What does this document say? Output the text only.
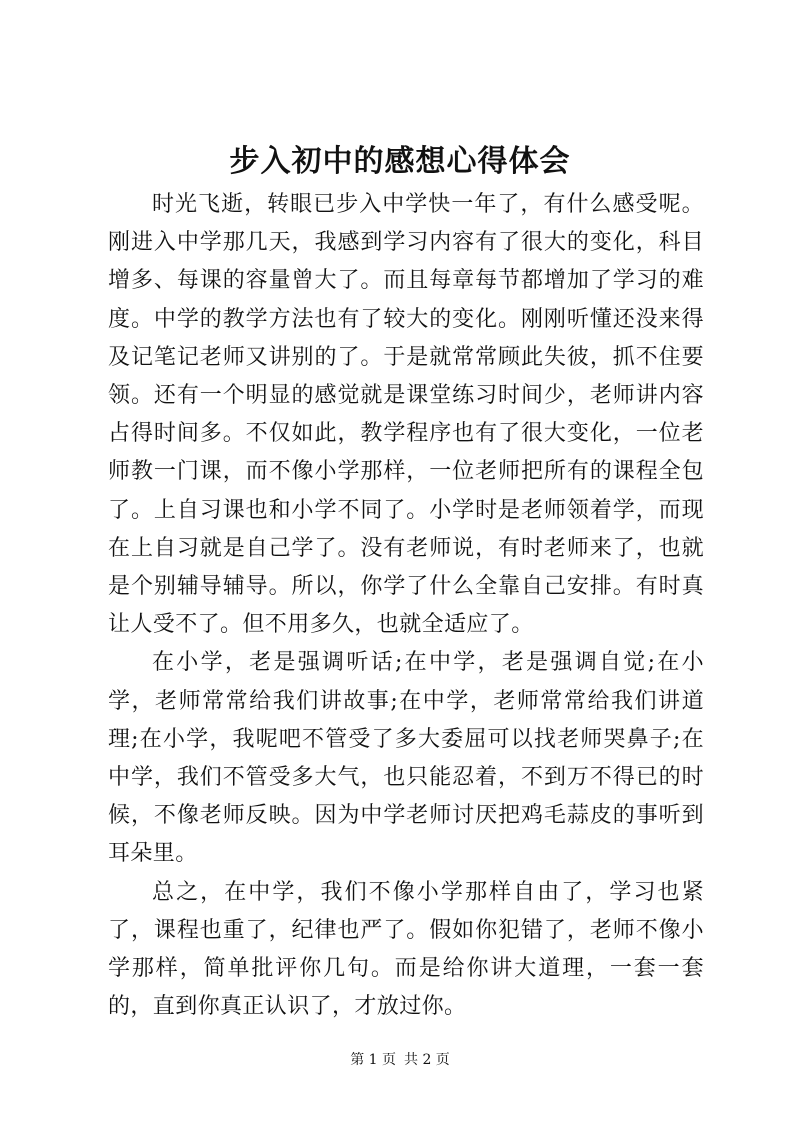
步入初中的感想心得体会

时光飞逝，转眼已步入中学快一年了，有什么感受呢。刚进入中学那几天，我感到学习内容有了很大的变化，科目增多、每课的容量曾大了。而且每章每节都增加了学习的难度。中学的教学方法也有了较大的变化。刚刚听懂还没来得及记笔记老师又讲别的了。于是就常常顾此失彼，抓不住要领。还有一个明显的感觉就是课堂练习时间少，老师讲内容占得时间多。不仅如此，教学程序也有了很大变化，一位老师教一门课，而不像小学那样，一位老师把所有的课程全包了。上自习课也和小学不同了。小学时是老师领着学，而现在上自习就是自己学了。没有老师说，有时老师来了，也就是个别辅导辅导。所以，你学了什么全靠自己安排。有时真让人受不了。但不用多久，也就全适应了。

在小学，老是强调听话;在中学，老是强调自觉;在小学，老师常常给我们讲故事;在中学，老师常常给我们讲道理;在小学，我呢吧不管受了多大委屈可以找老师哭鼻子;在中学，我们不管受多大气，也只能忍着，不到万不得已的时候，不像老师反映。因为中学老师讨厌把鸡毛蒜皮的事听到耳朵里。

总之，在中学，我们不像小学那样自由了，学习也紧了，课程也重了，纪律也严了。假如你犯错了，老师不像小学那样，简单批评你几句。而是给你讲大道理，一套一套的，直到你真正认识了，才放过你。

第 1 页 共 2 页
